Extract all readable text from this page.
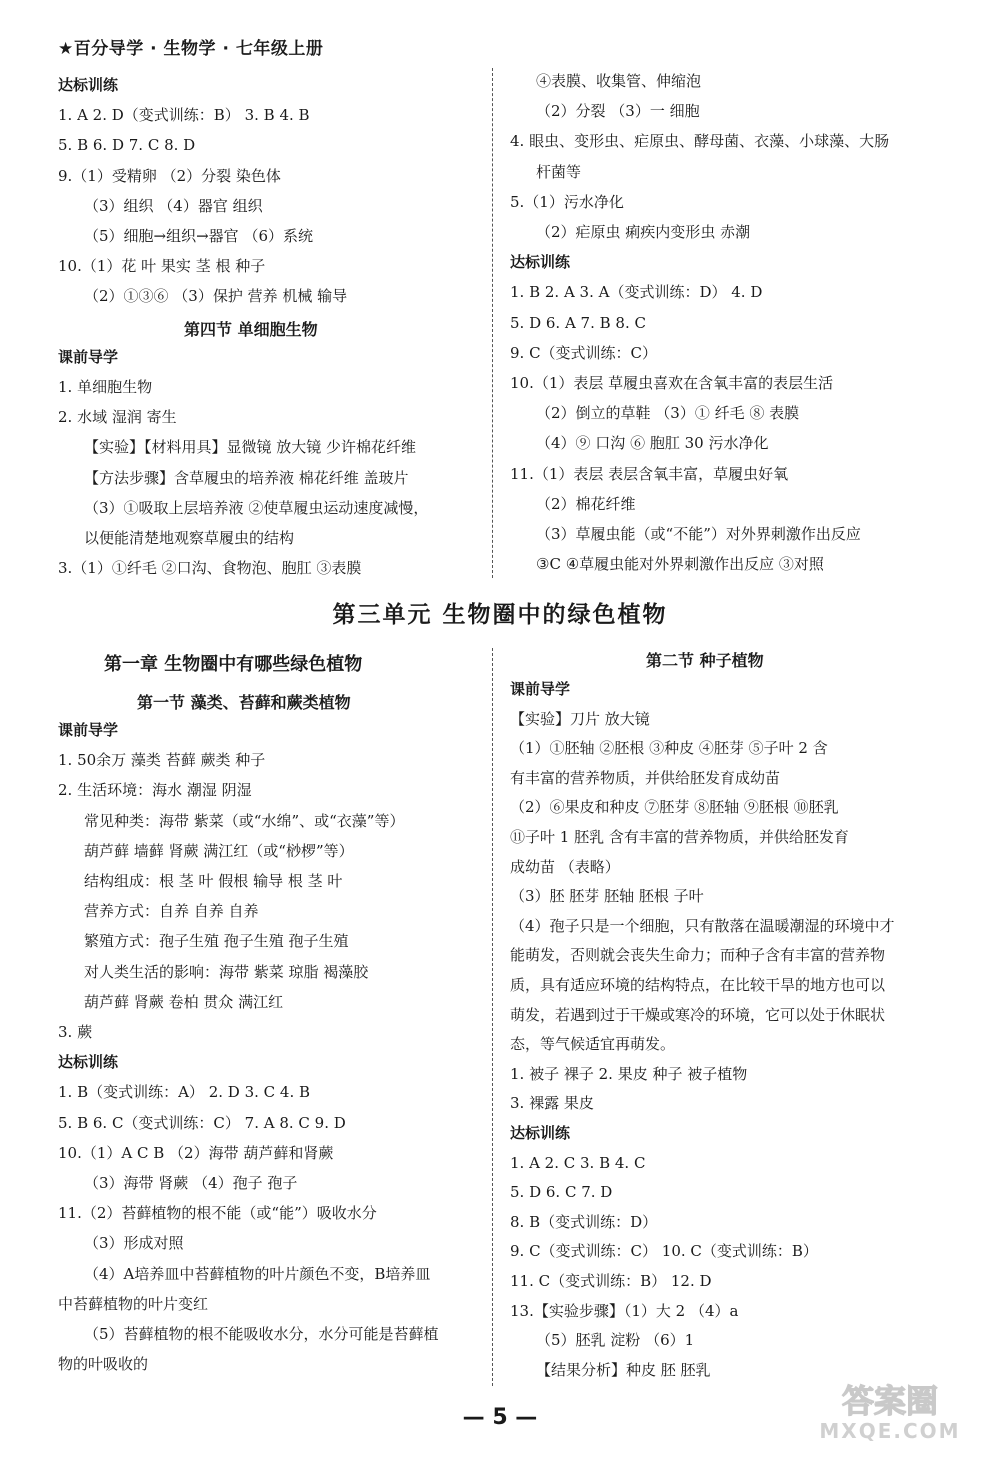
★百分导学 · 生物学 · 七年级上册
达标训练
1. A 2. D（变式训练：B） 3. B 4. B
5. B 6. D 7. C 8. D
9.（1）受精卵 （2）分裂 染色体
（3）组织 （4）器官 组织
（5）细胞→组织→器官 （6）系统
10.（1）花 叶 果实 茎 根 种子
（2）①③⑥ （3）保护 营养 机械 输导
第四节 单细胞生物
课前导学
1. 单细胞生物
2. 水域 湿润 寄生
【实验】【材料用具】显微镜 放大镜 少许棉花纤维
【方法步骤】含草履虫的培养液 棉花纤维 盖玻片
（3）①吸取上层培养液 ②使草履虫运动速度减慢，
以便能清楚地观察草履虫的结构
3.（1）①纤毛 ②口沟、食物泡、胞肛 ③表膜
④表膜、收集管、伸缩泡
（2）分裂 （3）一 细胞
4. 眼虫、变形虫、疟原虫、酵母菌、衣藻、小球藻、大肠
杆菌等
5.（1）污水净化
（2）疟原虫 痢疾内变形虫 赤潮
达标训练
1. B 2. A 3. A（变式训练：D） 4. D
5. D 6. A 7. B 8. C
9. C（变式训练：C）
10.（1）表层 草履虫喜欢在含氧丰富的表层生活
（2）倒立的草鞋 （3）① 纤毛 ⑧ 表膜
（4）⑨ 口沟 ⑥ 胞肛 30 污水净化
11.（1）表层 表层含氧丰富，草履虫好氧
（2）棉花纤维
（3）草履虫能（或“不能”）对外界刺激作出反应
③C ④草履虫能对外界刺激作出反应 ③对照
第三单元 生物圈中的绿色植物
第一章 生物圈中有哪些绿色植物
第一节 藻类、苔藓和蕨类植物
第二节 种子植物
课前导学
1. 50余万 藻类 苔藓 蕨类 种子
2. 生活环境：海水 潮湿 阴湿
常见种类：海带 紫菜（或“水绵”、或“衣藻”等）
葫芦藓 墙藓 肾蕨 满江红（或“桫椤”等）
结构组成：根 茎 叶 假根 输导 根 茎 叶
营养方式：自养 自养 自养
繁殖方式：孢子生殖 孢子生殖 孢子生殖
对人类生活的影响：海带 紫菜 琼脂 褐藻胶
葫芦藓 肾蕨 卷柏 贯众 满江红
3. 蕨
达标训练
1. B（变式训练：A） 2. D 3. C 4. B
5. B 6. C（变式训练：C） 7. A 8. C 9. D
10.（1）A C B （2）海带 葫芦藓和肾蕨
（3）海带 肾蕨 （4）孢子 孢子
11.（2）苔藓植物的根不能（或“能”）吸收水分
（3）形成对照
（4）A培养皿中苔藓植物的叶片颜色不变，B培养皿
中苔藓植物的叶片变红
（5）苔藓植物的根不能吸收水分，水分可能是苔藓植
物的叶吸收的
课前导学
【实验】刀片 放大镜
（1）①胚轴 ②胚根 ③种皮 ④胚芽 ⑤子叶 2 含
有丰富的营养物质，并供给胚发育成幼苗
（2）⑥果皮和种皮 ⑦胚芽 ⑧胚轴 ⑨胚根 ⑩胚乳
⑪子叶 1 胚乳 含有丰富的营养物质，并供给胚发育
成幼苗 （表略）
（3）胚 胚芽 胚轴 胚根 子叶
（4）孢子只是一个细胞，只有散落在温暖潮湿的环境中才
能萌发，否则就会丧失生命力；而种子含有丰富的营养物
质，具有适应环境的结构特点，在比较干旱的地方也可以
萌发，若遇到过于干燥或寒冷的环境，它可以处于休眠状
态，等气候适宜再萌发。
1. 被子 裸子 2. 果皮 种子 被子植物
3. 裸露 果皮
达标训练
1. A 2. C 3. B 4. C
5. D 6. C 7. D
8. B（变式训练：D）
9. C（变式训练：C） 10. C（变式训练：B）
11. C（变式训练：B） 12. D
13.【实验步骤】（1）大 2 （4）a
（5）胚乳 淀粉 （6）1
【结果分析】种皮 胚 胚乳
— 5 —	答案圈
MXQE.COM
